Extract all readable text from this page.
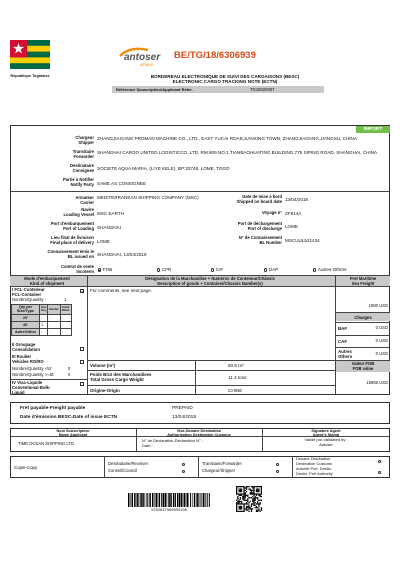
République Togolaise
antoser
afrique
BE/TG/18/6306939
BORDEREAU ELECTRONIQUE DE SUIVI DES CARGAISONS (BESC)
ELECTRONIC CARGO TRACKING NOTE (ECTN)
Référence Souscripteur/Applicant Refer.	TG15020097
IMPORT
Chargeur
Shipper
ZHANGJIAGANG PROMAN MACHINE CO., LTD., EAST YUCAI ROAD,SANXING TOWN, ZHANGJIAGANG,JIANGSU, CHINA
Transitaire
Forwarder
SHANGHAI CARGO UNITED LOGISTICCO.,LTD. RM.909.NO.1.TIANBAOHUATING BUILDING,775 SIPING ROAD, SHANGHAI, CHINA
Destinataire
Consignee SOCIETE AQUA MARIA, (LIYE KELE), BP:20748, LOME, TOGO
Partie à Notifier
Notify Party SAME AS CONSIGNEE
Armateur
Carrier
MEDITERRANEAN SHIPPING COMPANY (MSC)	Date de mise à bord
Shipped on board date 13/04/2018
Navire
Loading Vessel MSC EARTH	Voyage n° ZF814A
Port d'embarquement
Port of Loading SHANGHAI
Port de déchargement
Port of discharge LOME
Lieu final de livraison
Final place of delivery LOME
N° de Connaissement
BL Number MSCUUL521434
Connaissement émis le
BL issued on SHANGHAI, 13/04/2018
Contrat de vente
Incoterm	FOB	CFR	CIF	DAP	Autres-Others
Mode d'embarquement
Kind of shipment
Désignation de la Marchandise + Numéros de Conteneur/Châssis
Description of goods + Container/Chassis Number(s)
Fret Maritime
Sea Freight
I FCL-Conteneur
FCL-Container
✓
Nombre/Quantity :	1
For comments, see next page.
Qty per Size/Type	Sec Dry	Reefer	Autre Other
20'	-	-	-
40'	1	-	-
Autre/Other	-	-	-
II Groupage
Consolidation
III Roulier
Vehicles RO/RO
Nombre/Quantity <5t:	0
Nombre/Quantity >=5t:	0
IV Vrac-Liquide
Conventional-Bulk-
Liquid
Volume (m³)	50.5 m³
Poids Brut des Marchandises
Total Gross Cargo Weight	11.3 tons
Origine-Origin	CHINE
1900 USD
Charges
BAF	0 USD
CAF	0 USD
Autres
Others
0 USD
Valeur FOB
FOB value
15866 USD
Fret payable-Freight payable	PREPAID
Date d'émission BESC-Date of issue ECTN	13/04/2018
Nom Souscripteur
Name Applicant
Visa Douane Destination
Authorization Destination Customs
Signature Agent
Agent's Stamp
TIME OCEAN SHIPPING LTD
N° de Déclaration-Declaration N° :
Date :
Validé par-Validated by :
Antoser
Copie-Copy
Destinataire/Receiver
Conseil/Council
Transitaire/Forwarder
Chargeur/Shipper
Douane Destination
Destination Customs
Autorité Port. Destin.
Destin. Port Authority
9752817969593196
